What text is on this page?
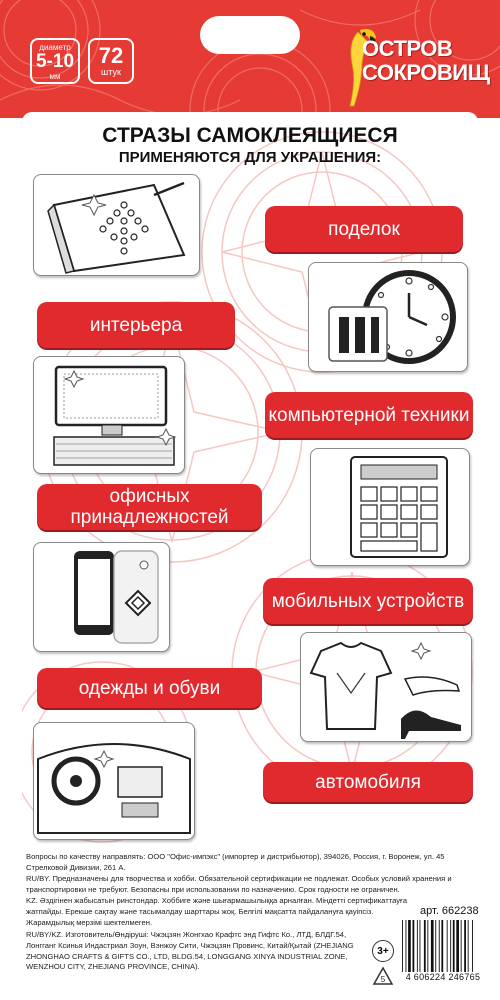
диаметр
5-10
мм
72
штук
ОСТРОВ
СОКРОВИЩ
СТРАЗЫ САМОКЛЕЯЩИЕСЯ
ПРИМЕНЯЮТСЯ ДЛЯ УКРАШЕНИЯ:
поделок
интерьера
компьютерной техники
офисных принадлежностей
мобильных устройств
одежды и обуви
автомобиля
Вопросы по качеству направлять: ООО "Офис-импэкс" (импортер и дистрибьютор), 394026, Россия, г. Воронеж, ул. 45 Стрелковой Дивизии, 261 А.
RU/BY. Предназначены для творчества и хобби. Обязательной сертификации не подлежат. Особых условий хранения и транспортировки не требуют. Безопасны при использовании по назначению. Срок годности не ограничен.
KZ. Әздігінен жабысатын ринстондар. Хоббиге және шығармашылыққа арналған. Міндетті сертификаттауға жатпайды. Ерекше сақтау және тасымалдау шарттары жоқ. Белгілі мақсатта пайдалануға қауіпсіз. Жарамдылық мерзімі шектелмеген.
RU/BY/KZ. Изготовитель/Өндіруші: Чжэцзян Жонгхао Крафтс энд Гифтс Ко., ЛТД, БЛДГ.54, Лонгганг Ксинья Индастриал Зоун, Вэнжоу Сити, Чжэцзян Провинс, Китай/Қытай (ZHEJIANG ZHONGHAO CRAFTS & GIFTS CO., LTD, BLDG.54, LONGGANG XINYA INDUSTRIAL ZONE, WENZHOU CITY, ZHEJIANG PROVINCE, CHINA).
арт. 662238
3+
5	4 606224 246765
